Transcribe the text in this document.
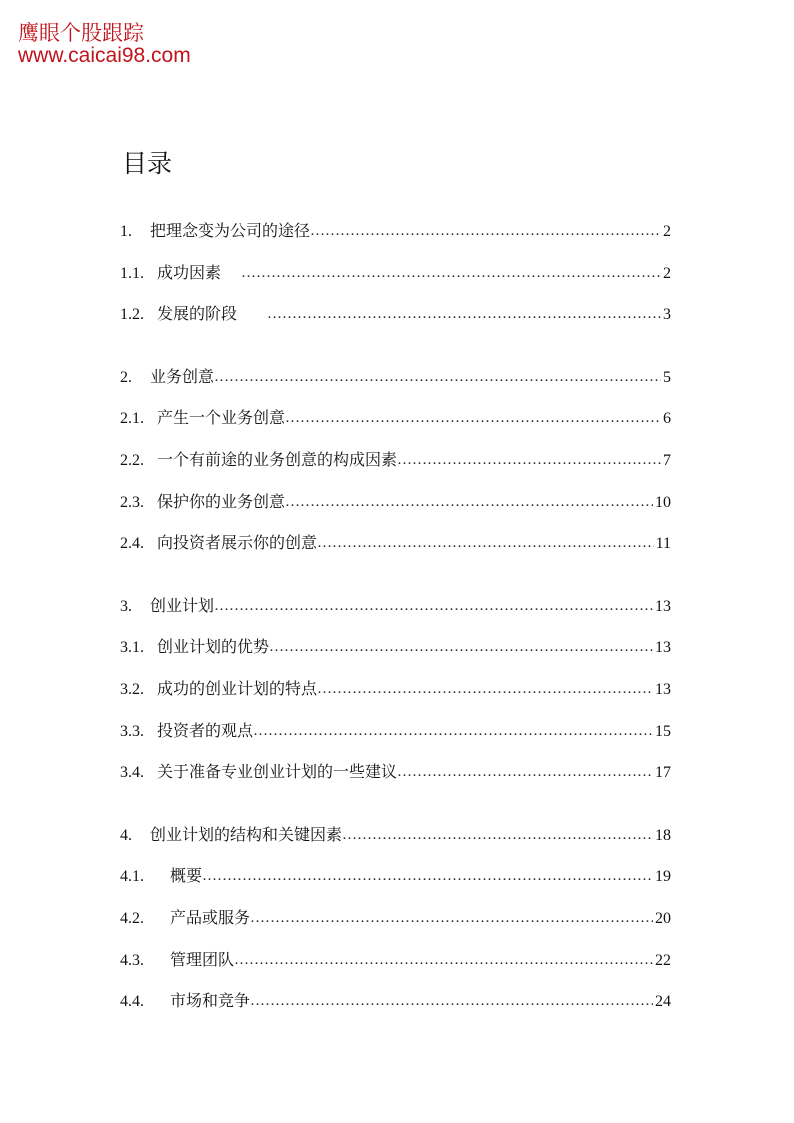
鹰眼个股跟踪
www.caicai98.com
目录
1.	把理念变为公司的途径 ……………………………………………………………………………………………………………………………………………	2
1.1. 成功因素 ……………………………………………………………………………………………………………………………………………	2
1.2. 发展的阶段 ……………………………………………………………………………………………………………………………………………	3
2.	业务创意 ……………………………………………………………………………………………………………………………………………	5
2.1. 产生一个业务创意 ……………………………………………………………………………………………………………………………………………	6
2.2. 一个有前途的业务创意的构成因素 ……………………………………………………………………………………………………………………………………………	7
2.3. 保护你的业务创意 ……………………………………………………………………………………………………………………………………………	10
2.4. 向投资者展示你的创意 ……………………………………………………………………………………………………………………………………………	11
3.	创业计划 ……………………………………………………………………………………………………………………………………………	13
3.1. 创业计划的优势 ……………………………………………………………………………………………………………………………………………	13
3.2. 成功的创业计划的特点 ……………………………………………………………………………………………………………………………………………	13
3.3. 投资者的观点 ……………………………………………………………………………………………………………………………………………	15
3.4. 关于准备专业创业计划的一些建议 ……………………………………………………………………………………………………………………………………………	17
4.	创业计划的结构和关键因素 ……………………………………………………………………………………………………………………………………………	18
4.1.	概要 ……………………………………………………………………………………………………………………………………………	19
4.2.	产品或服务 ……………………………………………………………………………………………………………………………………………	20
4.3.	管理团队 ……………………………………………………………………………………………………………………………………………	22
4.4.	市场和竞争 ……………………………………………………………………………………………………………………………………………	24
